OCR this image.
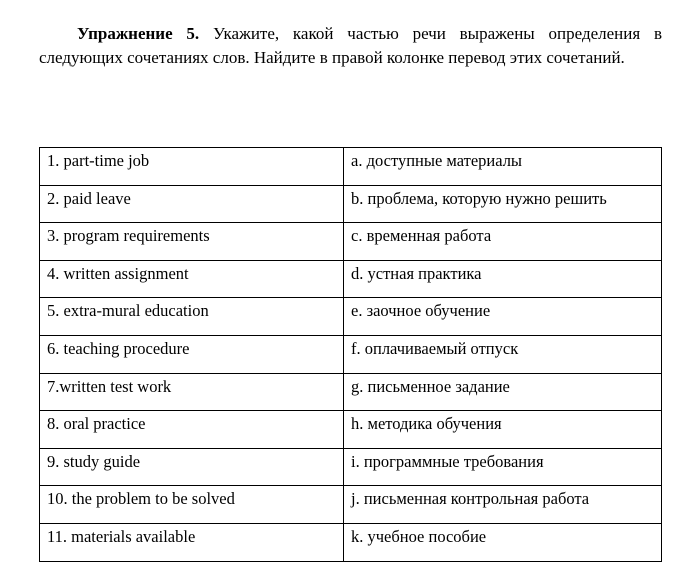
Упражнение 5. Укажите, какой частью речи выражены определения в следующих сочетаниях слов. Найдите в правой колонке перевод этих сочетаний.

1. part-time job	a. доступные материалы
2. paid leave	b. проблема, которую нужно решить
3. program requirements	c. временная работа
4. written assignment	d. устная практика
5. extra-mural education	e. заочное обучение
6. teaching procedure	f. оплачиваемый отпуск
7.written test work	g. письменное задание
8. oral practice	h. методика обучения
9. study guide	i. программные требования
10. the problem to be solved	j. письменная контрольная работа
11. materials available	k. учебное пособие
